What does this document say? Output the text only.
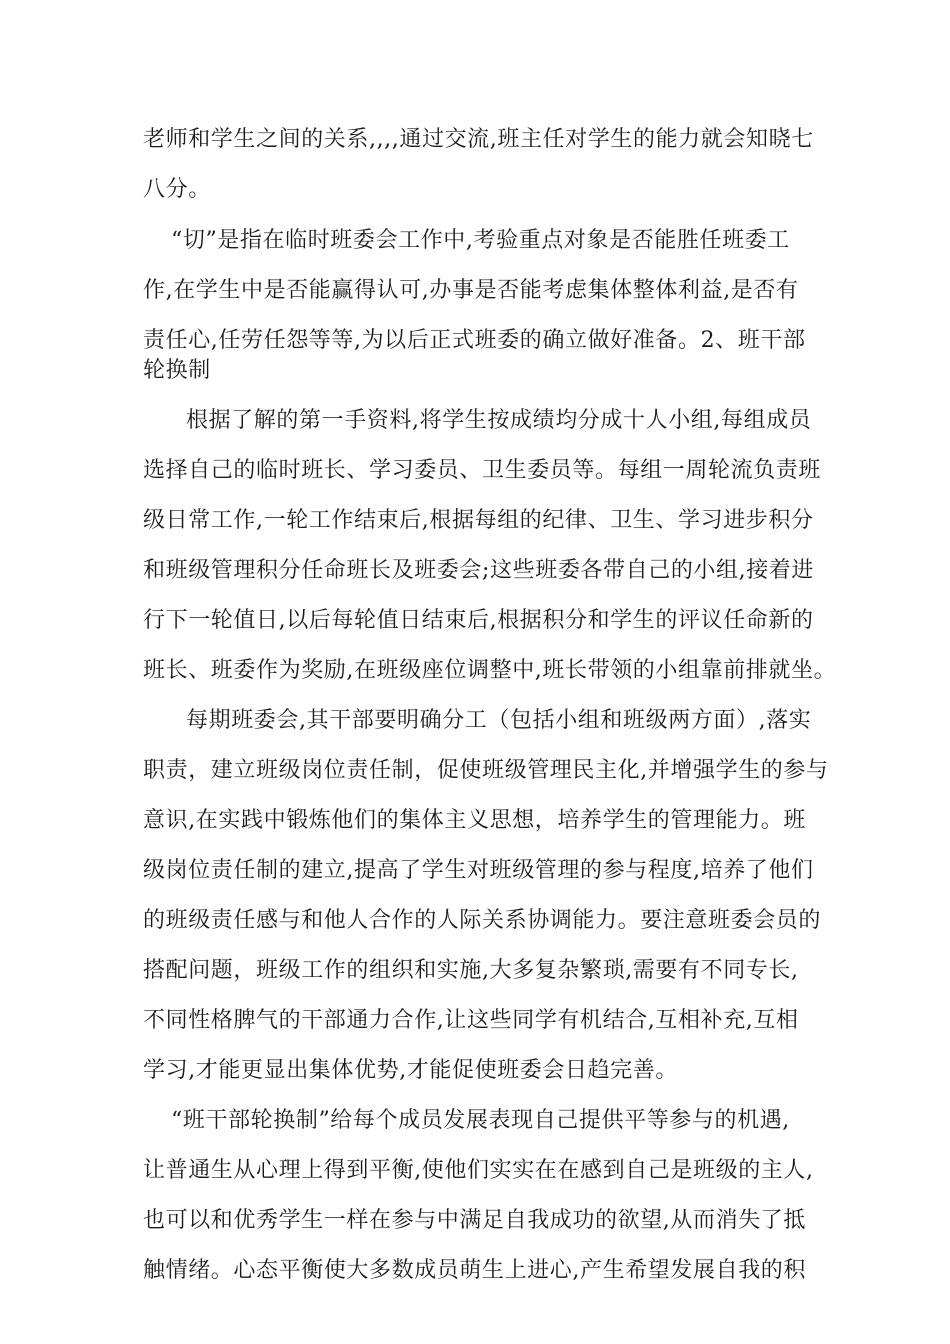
老师和学生之间的关系,,,,通过交流,班主任对学生的能力就会知晓七
八分。
“切”是指在临时班委会工作中,考验重点对象是否能胜任班委工
作,在学生中是否能赢得认可,办事是否能考虑集体整体利益,是否有
责任心,任劳任怨等等,为以后正式班委的确立做好准备。2、班干部
轮换制
根据了解的第一手资料,将学生按成绩均分成十人小组,每组成员
选择自己的临时班长、学习委员、卫生委员等。每组一周轮流负责班
级日常工作,一轮工作结束后,根据每组的纪律、卫生、学习进步积分
和班级管理积分任命班长及班委会;这些班委各带自己的小组,接着进
行下一轮值日,以后每轮值日结束后,根据积分和学生的评议任命新的
班长、班委作为奖励,在班级座位调整中,班长带领的小组靠前排就坐。
每期班委会,其干部要明确分工（包括小组和班级两方面）,落实
职责，建立班级岗位责任制，促使班级管理民主化,并增强学生的参与
意识,在实践中锻炼他们的集体主义思想，培养学生的管理能力。班
级岗位责任制的建立,提高了学生对班级管理的参与程度,培养了他们
的班级责任感与和他人合作的人际关系协调能力。要注意班委会员的
搭配问题，班级工作的组织和实施,大多复杂繁琐,需要有不同专长,
不同性格脾气的干部通力合作,让这些同学有机结合,互相补充,互相
学习,才能更显出集体优势,才能促使班委会日趋完善。
“班干部轮换制”给每个成员发展表现自己提供平等参与的机遇,
让普通生从心理上得到平衡,使他们实实在在感到自己是班级的主人,
也可以和优秀学生一样在参与中满足自我成功的欲望,从而消失了抵
触情绪。心态平衡使大多数成员萌生上进心,产生希望发展自我的积
